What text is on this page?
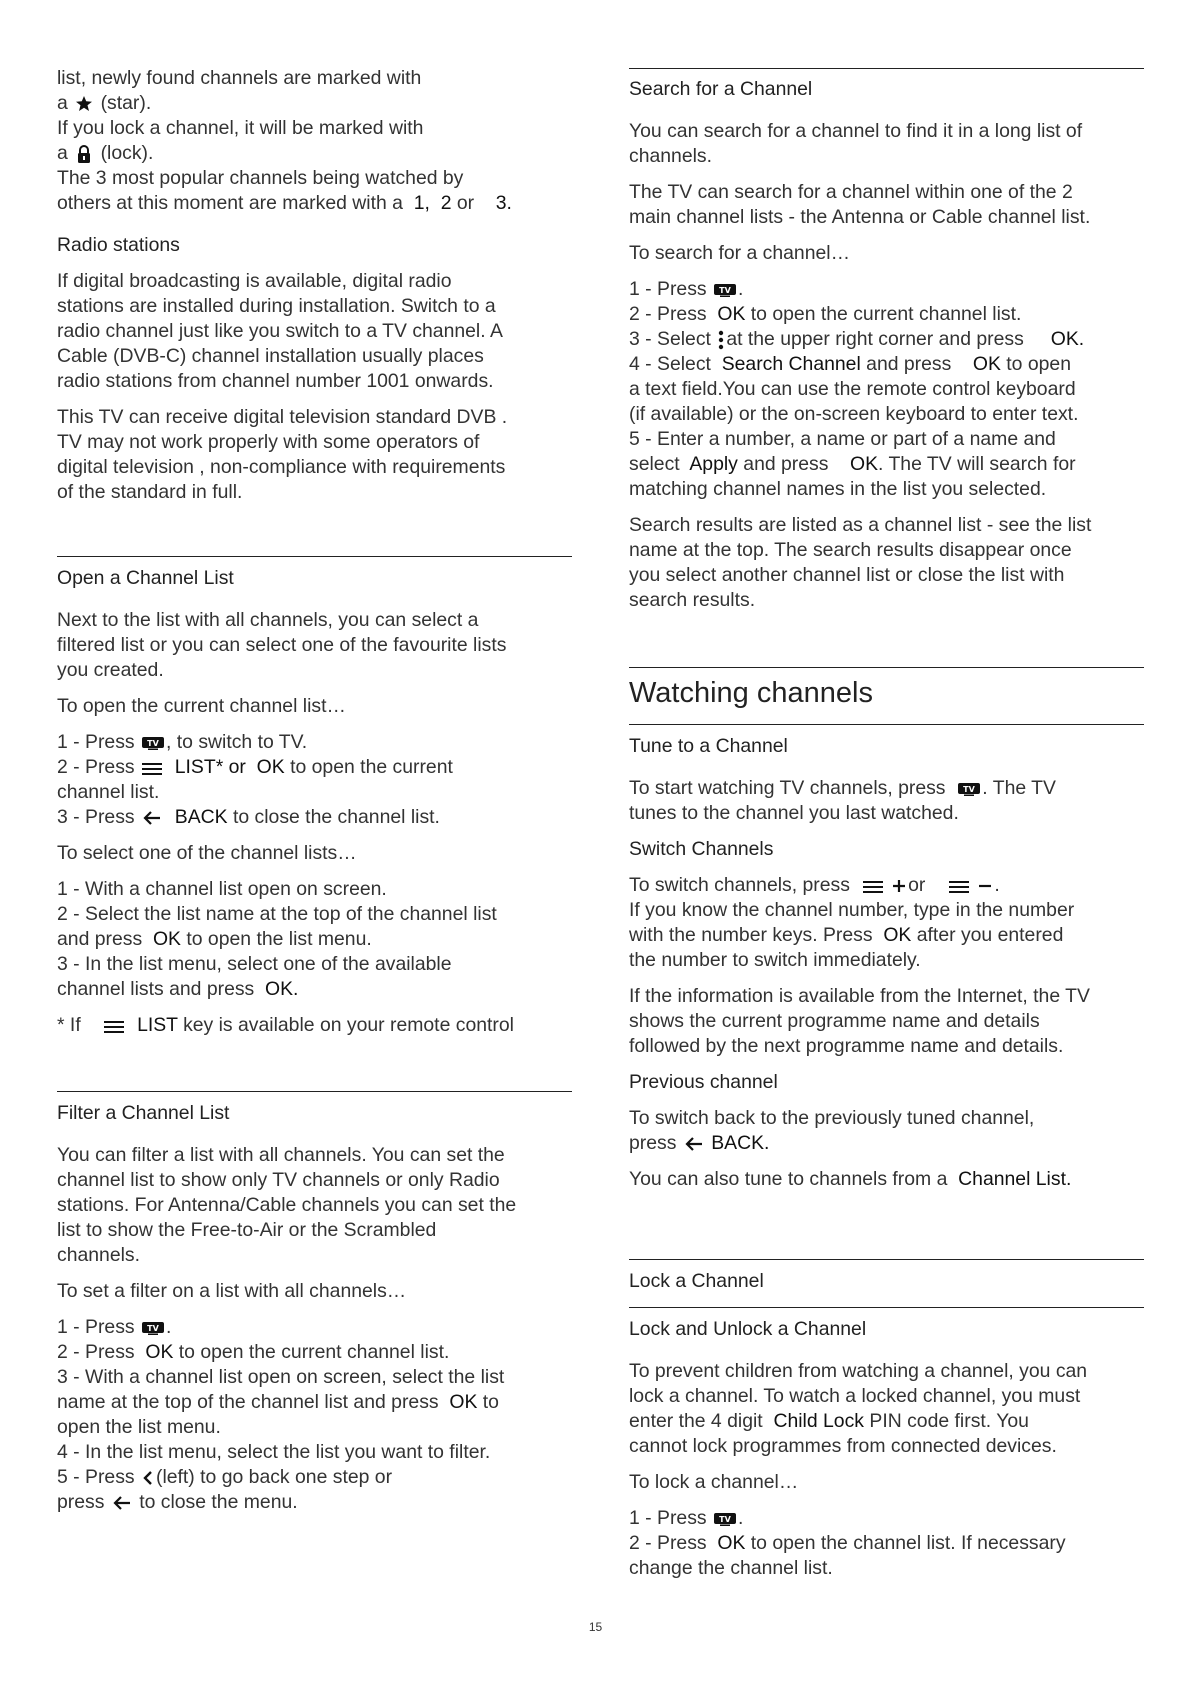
list, newly found channels are marked with

a (star).

If you lock a channel, it will be marked with

a (lock).

The 3 most popular channels being watched by

others at this moment are marked with a 1, 2 or 3.

Radio stations

If digital broadcasting is available, digital radio

stations are installed during installation. Switch to a

radio channel just like you switch to a TV channel. A

Cable (DVB-C) channel installation usually places

radio stations from channel number 1001 onwards.

This TV can receive digital television standard DVB .

TV may not work properly with some operators of

digital television , non-compliance with requirements

of the standard in full.

Open a Channel List

Next to the list with all channels, you can select a

filtered list or you can select one of the favourite lists

you created.

To open the current channel list…

1 - Press TV , to switch to TV.

2 - Press LIST* or OK to open the current

channel list.

3 - Press BACK to close the channel list.

To select one of the channel lists…

1 - With a channel list open on screen.

2 - Select the list name at the top of the channel list

and press OK to open the list menu.

3 - In the list menu, select one of the available

channel lists and press OK.

* If	LIST key is available on your remote control

Filter a Channel List

You can filter a list with all channels. You can set the

channel list to show only TV channels or only Radio

stations. For Antenna/Cable channels you can set the

list to show the Free-to-Air or the Scrambled

channels.

To set a filter on a list with all channels…

1 - Press TV .

2 - Press OK to open the current channel list.

3 - With a channel list open on screen, select the list

name at the top of the channel list and press OK to

open the list menu.

4 - In the list menu, select the list you want to filter.

5 - Press (left) to go back one step or

press to close the menu.

Search for a Channel

You can search for a channel to find it in a long list of

channels.

The TV can search for a channel within one of the 2

main channel lists - the Antenna or Cable channel list.

To search for a channel…

1 - Press TV .

2 - Press OK to open the current channel list.

3 - Select at the upper right corner and press OK.

4 - Select Search Channel and press OK to open

a text field.You can use the remote control keyboard

(if available) or the on-screen keyboard to enter text.

5 - Enter a number, a name or part of a name and

select Apply and press OK. The TV will search for

matching channel names in the list you selected.

Search results are listed as a channel list - see the list

name at the top. The search results disappear once

you select another channel list or close the list with

search results.

Watching channels

Tune to a Channel

To start watching TV channels, press TV . The TV

tunes to the channel you last watched.

Switch Channels

To switch channels, press	or	.

If you know the channel number, type in the number

with the number keys. Press OK after you entered

the number to switch immediately.

If the information is available from the Internet, the TV

shows the current programme name and details

followed by the next programme name and details.

Previous channel

To switch back to the previously tuned channel,

press BACK.

You can also tune to channels from a Channel List.

Lock a Channel

Lock and Unlock a Channel

To prevent children from watching a channel, you can

lock a channel. To watch a locked channel, you must

enter the 4 digit Child Lock PIN code first. You

cannot lock programmes from connected devices.

To lock a channel…

1 - Press TV .

2 - Press OK to open the channel list. If necessary

change the channel list.

15
